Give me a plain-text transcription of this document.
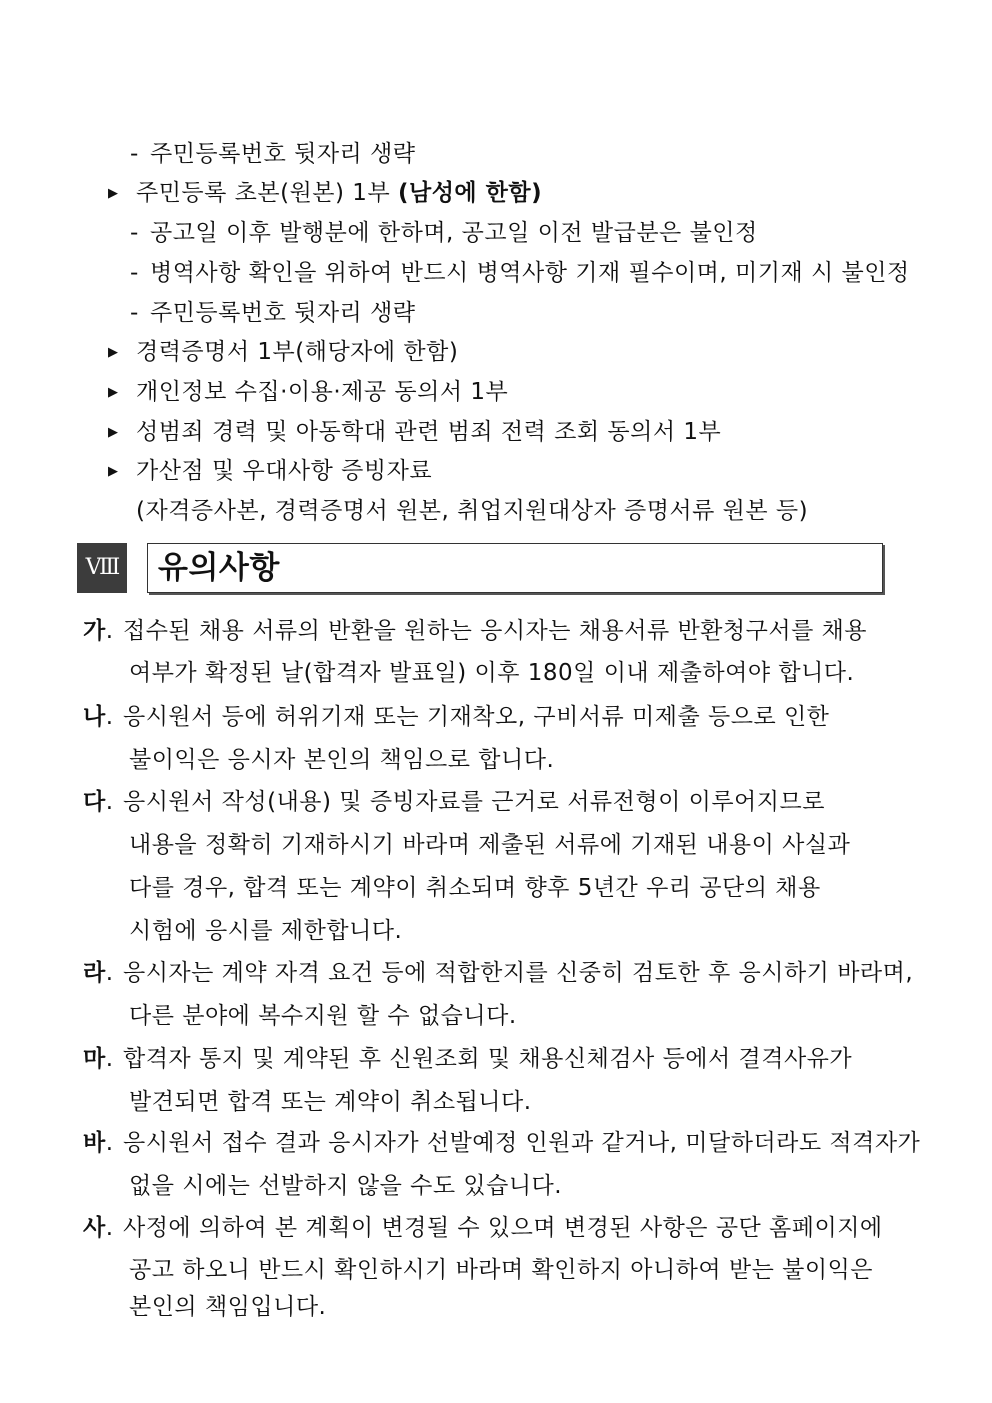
- 주민등록번호 뒷자리 생략
▶ 주민등록 초본(원본) 1부 (남성에 한함)
- 공고일 이후 발행분에 한하며, 공고일 이전 발급분은 불인정
- 병역사항 확인을 위하여 반드시 병역사항 기재 필수이며, 미기재 시 불인정
- 주민등록번호 뒷자리 생략
▶ 경력증명서 1부(해당자에 한함)
▶ 개인정보 수집·이용·제공 동의서 1부
▶ 성범죄 경력 및 아동학대 관련 범죄 전력 조회 동의서 1부
▶ 가산점 및 우대사항 증빙자료
(자격증사본, 경력증명서 원본, 취업지원대상자 증명서류 원본 등)
Ⅷ 유의사항
가. 접수된 채용 서류의 반환을 원하는 응시자는 채용서류 반환청구서를 채용
여부가 확정된 날(합격자 발표일) 이후 180일 이내 제출하여야 합니다.
나. 응시원서 등에 허위기재 또는 기재착오, 구비서류 미제출 등으로 인한
불이익은 응시자 본인의 책임으로 합니다.
다. 응시원서 작성(내용) 및 증빙자료를 근거로 서류전형이 이루어지므로
내용을 정확히 기재하시기 바라며 제출된 서류에 기재된 내용이 사실과
다를 경우, 합격 또는 계약이 취소되며 향후 5년간 우리 공단의 채용
시험에 응시를 제한합니다.
라. 응시자는 계약 자격 요건 등에 적합한지를 신중히 검토한 후 응시하기 바라며,
다른 분야에 복수지원 할 수 없습니다.
마. 합격자 통지 및 계약된 후 신원조회 및 채용신체검사 등에서 결격사유가
발견되면 합격 또는 계약이 취소됩니다.
바. 응시원서 접수 결과 응시자가 선발예정 인원과 같거나, 미달하더라도 적격자가
없을 시에는 선발하지 않을 수도 있습니다.
사. 사정에 의하여 본 계획이 변경될 수 있으며 변경된 사항은 공단 홈페이지에
공고 하오니 반드시 확인하시기 바라며 확인하지 아니하여 받는 불이익은
본인의 책임입니다.
